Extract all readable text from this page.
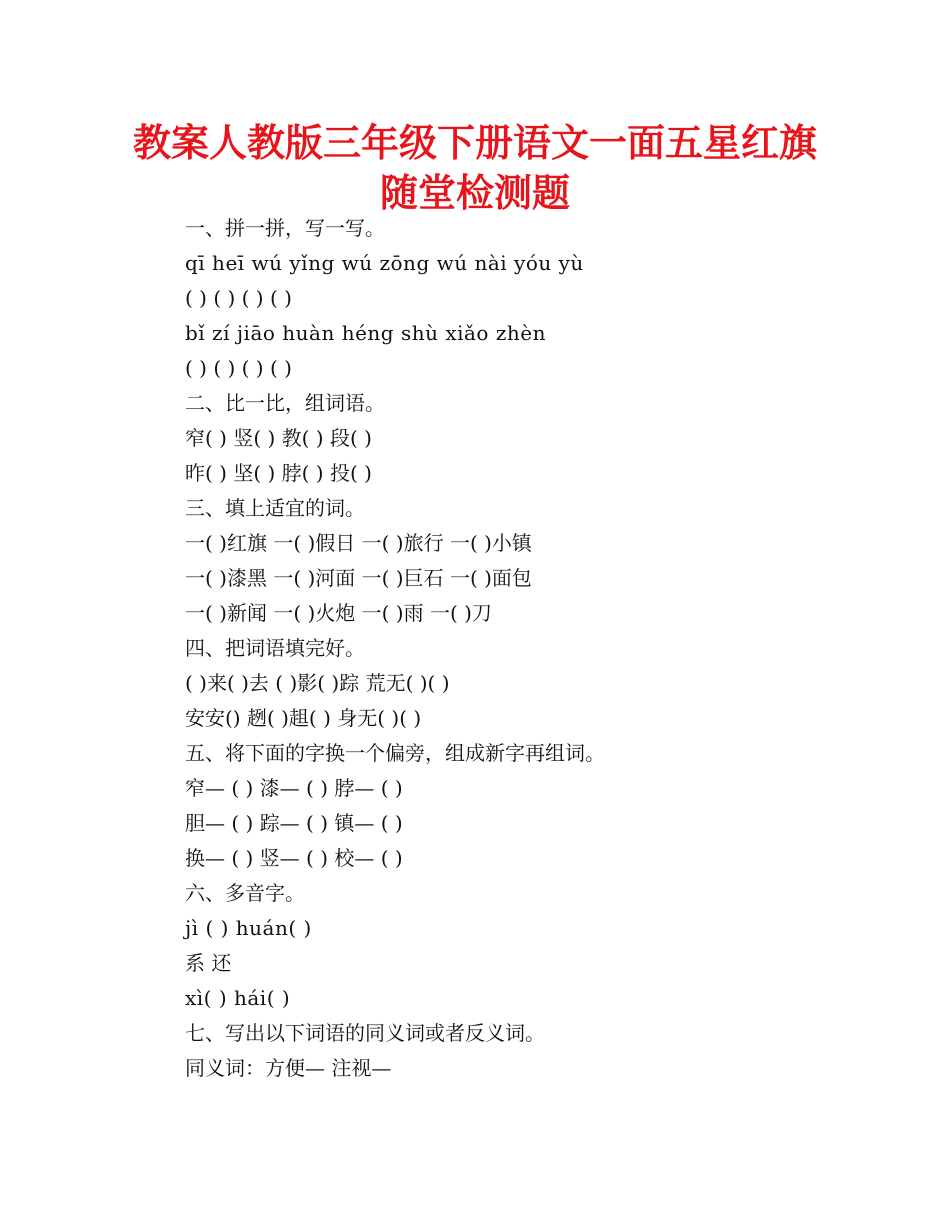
教案人教版三年级下册语文一面五星红旗
随堂检测题
一、拼一拼，写一写。
qī heī wú yǐng wú zōng wú nài yóu yù
( ) ( ) ( ) ( )
bǐ zí jiāo huàn héng shù xiǎo zhèn
( ) ( ) ( ) ( )
二、比一比，组词语。
窄( ) 竖( ) 教( ) 段( )
昨( ) 坚( ) 脖( ) 投( )
三、填上适宜的词。
一( )红旗 一( )假日 一( )旅行 一( )小镇
一( )漆黑 一( )河面 一( )巨石 一( )面包
一( )新闻 一( )火炮 一( )雨 一( )刀
四、把词语填完好。
( )来( )去 ( )影( )踪 荒无( )( )
安安() 趔( )趄( ) 身无( )( )
五、将下面的字换一个偏旁，组成新字再组词。
窄— ( ) 漆— ( ) 脖— ( )
胆— ( ) 踪— ( ) 镇— ( )
换— ( ) 竖— ( ) 校— ( )
六、多音字。
jì ( ) huán( )
系 还
xì( ) hái( )
七、写出以下词语的同义词或者反义词。
同义词：方便— 注视—
